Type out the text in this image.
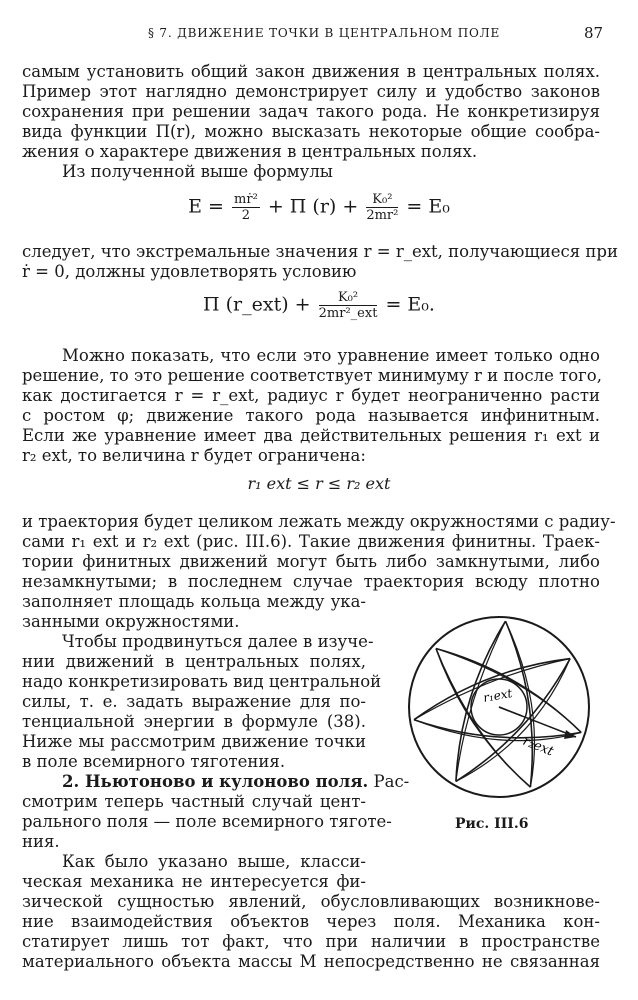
§ 7. ДВИЖЕНИЕ ТОЧКИ В ЦЕНТРАЛЬНОМ ПОЛЕ	87
самым установить общий закон движения в центральных полях.
Пример этот наглядно демонстрирует силу и удобство законов
сохранения при решении задач такого рода. Не конкретизируя
вида функции Π(r), можно высказать некоторые общие сообра-
жения о характере движения в центральных полях.
Из полученной выше формулы
$E = \frac{\text{mṙ²}}{2} + \Pi$ $(r) + \frac{\text{K₀²}}{\text{2mr²}} = E_0$
следует, что экстремальные значения r = r_ext, получающиеся при
ṙ = 0, должны удовлетворять условию
Π (r_ext) + $\frac{\text{K₀²}}{\text{2mr²\_ext}} = E_0$.
Можно показать, что если это уравнение имеет только одно
решение, то это решение соответствует минимуму r и после того,
как достигается r = r_ext, радиус r будет неограниченно расти
с ростом φ; движение такого рода называется инфинитным.
Если же уравнение имеет два действительных решения r₁ ext и
r₂ ext, то величина r будет ограничена:
r₁ ext ≤ r ≤ r₂ ext
и траектория будет целиком лежать между окружностями с радиу-
сами r₁ ext и r₂ ext (рис. III.6). Такие движения финитны. Траек-
тории финитных движений могут быть либо замкнутыми, либо
незамкнутыми; в последнем случае траектория всюду плотно
заполняет площадь кольца между ука-
занными окружностями.
Чтобы продвинуться далее в изуче-
нии движений в центральных полях,
надо конкретизировать вид центральной
силы, т. е. задать выражение для по-
тенциальной энергии в формуле (38).
Ниже мы рассмотрим движение точки
в поле всемирного тяготения.
2. Ньютоново и кулоново поля. Рас-
смотрим теперь частный случай цент-
рального поля — поле всемирного тяготе-
ния.
Как было указано выше, класси-
ческая механика не интересуется фи-
зической сущностью явлений, обусловливающих возникнове-
ние взаимодействия объектов через поля. Механика кон-
статирует лишь тот факт, что при наличии в пространстве
материального объекта массы M непосредственно не связанная
r₁ext
r₂ext
Рис. III.6
